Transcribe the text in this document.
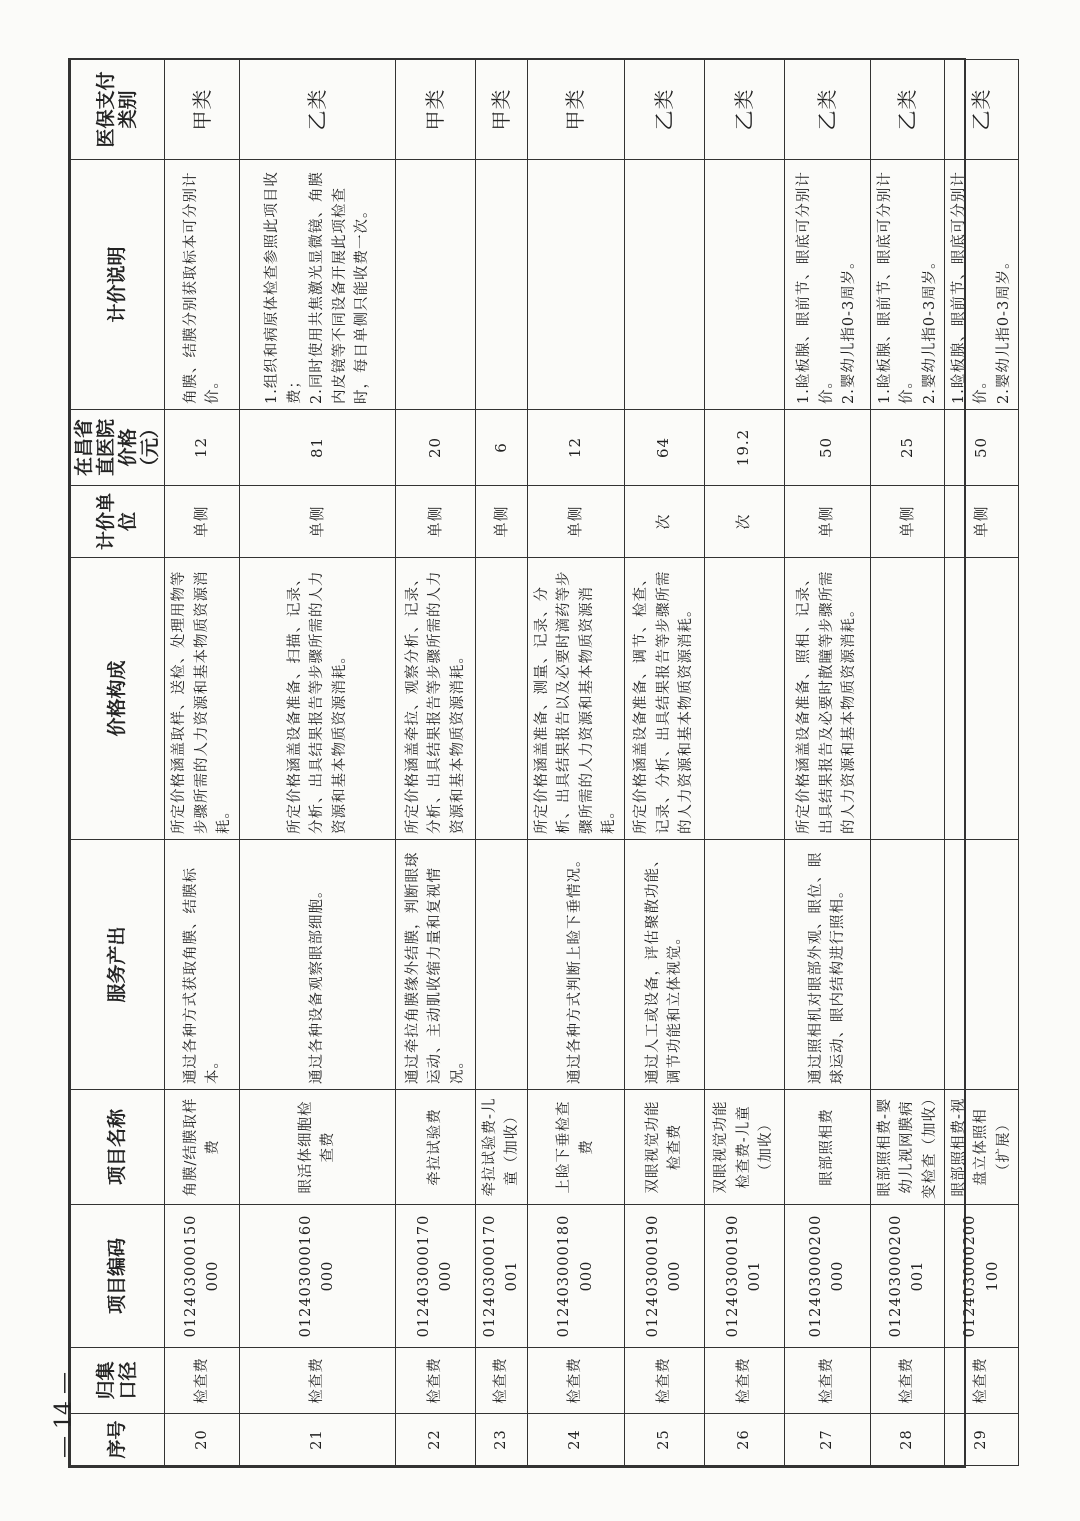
序号	归集口径	项目编码	项目名称	服务产出	价格构成	计价单位	在昌省直医院价格（元）	计价说明	医保支付类别
20	检查费	012403000150000	角膜/结膜取样费	通过各种方式获取角膜、结膜标本。	所定价格涵盖取样、送检、处理用物等步骤所需的人力资源和基本物质资源消耗。	单侧	12	角膜、结膜分别获取标本可分别计价。	甲类
21	检查费	012403000160000	眼活体细胞检查费	通过各种设备观察眼部细胞。	所定价格涵盖设备准备、扫描、记录、分析、出具结果报告等步骤所需的人力资源和基本物质资源消耗。	单侧	81	1.组织和病原体检查参照此项目收费；
2.同时使用共焦激光显微镜、角膜内皮镜等不同设备开展此项检查时，每日单侧只能收费一次。	乙类
22	检查费	012403000170000	牵拉试验费	通过牵拉角膜缘外结膜，判断眼球运动、主动肌收缩力量和复视情况。	所定价格涵盖牵拉、观察分析、记录、分析、出具结果报告等步骤所需的人力资源和基本物质资源消耗。	单侧	20		甲类
23	检查费	012403000170001	牵拉试验费-儿童（加收）			单侧	6		甲类
24	检查费	012403000180000	上睑下垂检查费	通过各种方式判断上睑下垂情况。	所定价格涵盖准备、测量、记录、分析、出具结果报告以及必要时滴药等步骤所需的人力资源和基本物质资源消耗。	单侧	12		甲类
25	检查费	012403000190000	双眼视觉功能检查费	通过人工或设备，评估聚散功能、调节功能和立体视觉。	所定价格涵盖设备准备、调节、检查、记录、分析、出具结果报告等步骤所需的人力资源和基本物质资源消耗。	次	64		乙类
26	检查费	012403000190001	双眼视觉功能检查费-儿童（加收）			次	19.2		乙类
27	检查费	012403000200000	眼部照相费	通过照相机对眼部外观、眼位、眼球运动、眼内结构进行照相。	所定价格涵盖设备准备、照相、记录、出具结果报告及必要时散瞳等步骤所需的人力资源和基本物质资源消耗。	单侧	50	1.睑板腺、眼前节、眼底可分别计价。
2.婴幼儿指0-3周岁。	乙类
28	检查费	012403000200001	眼部照相费-婴幼儿视网膜病变检查（加收）			单侧	25	1.睑板腺、眼前节、眼底可分别计价。
2.婴幼儿指0-3周岁。	乙类
29	检查费	012403000200100	眼部照相费-视盘立体照相（扩展）			单侧	50	1.睑板腺、眼前节、眼底可分别计价。
2.婴幼儿指0-3周岁。	乙类
— 14 —
